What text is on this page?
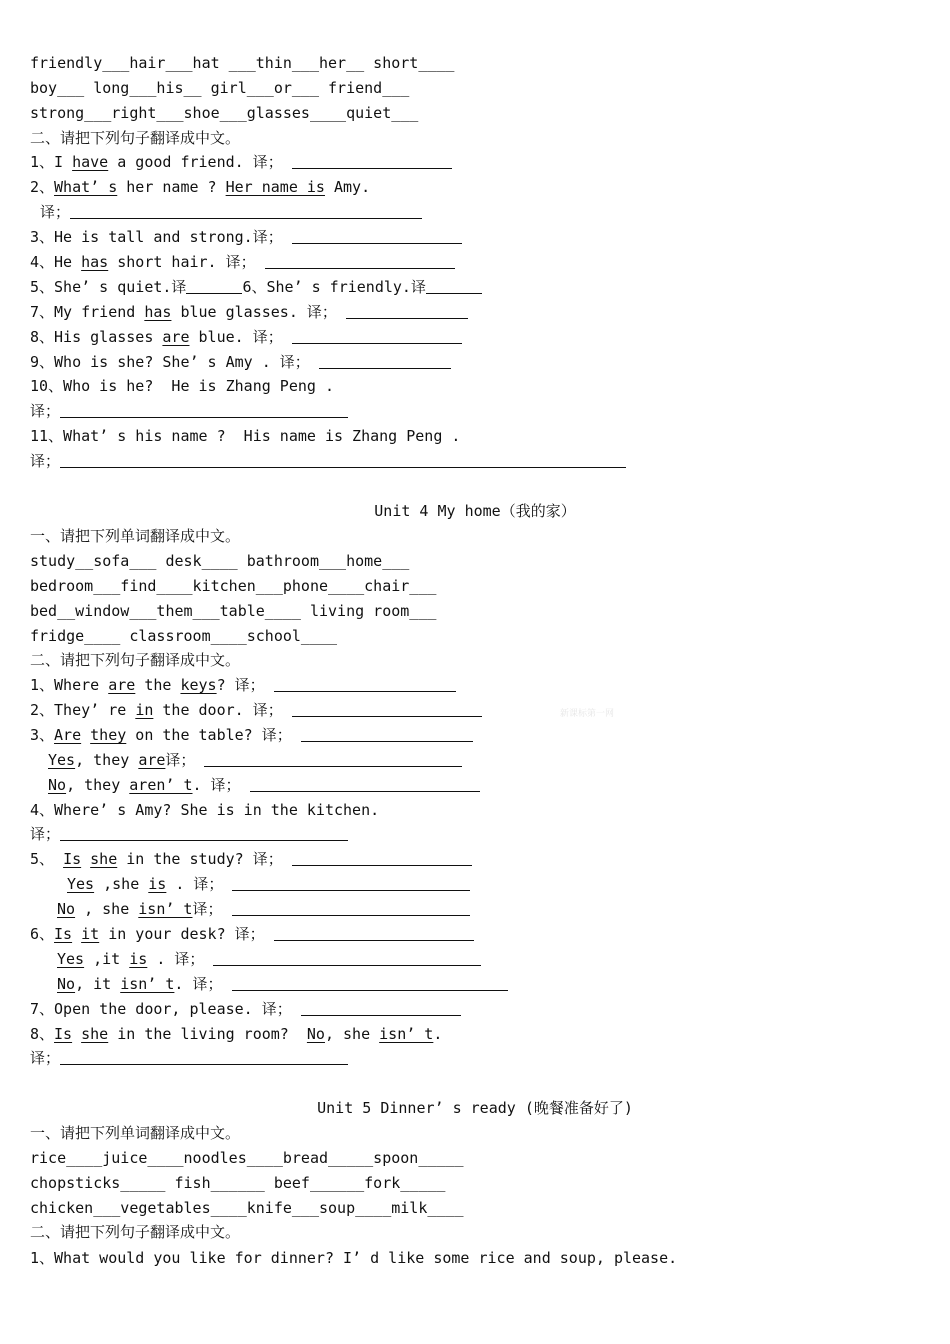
friendly___hair___hat ___thin___her__ short____
boy___ long___his__ girl___or___ friend___
strong___right___shoe___glasses____quiet___
二、请把下列句子翻译成中文。
1、I have a good friend. 译；
2、What’ s her name ? Her name is Amy.
译；
3、He is tall and strong.译；
4、He has short hair. 译；
5、She’ s quiet.译	6、She’ s friendly.译
7、My friend has blue glasses. 译；
8、His glasses are blue. 译；
9、Who is she? She’ s Amy . 译；
10、Who is he?  He is Zhang Peng .
译；
11、What’ s his name ?  His name is Zhang Peng .
译；
Unit 4 My home（我的家）
一、请把下列单词翻译成中文。
study__sofa___ desk____ bathroom___home___
bedroom___find____kitchen___phone____chair___
bed__window___them___table____ living room___
fridge____ classroom____school____
二、请把下列句子翻译成中文。
1、Where are the keys? 译；
2、They’ re in the door. 译；	新课标第一网
3、Are they on the table? 译；
Yes, they are译；
No, they aren’ t. 译；
4、Where’ s Amy? She is in the kitchen.
译；
5、 Is she in the study? 译；
Yes ,she is . 译；
No , she isn’ t译；
6、Is it in your desk? 译；
Yes ,it is . 译；
No, it isn’ t. 译；
7、Open the door, please. 译；
8、Is she in the living room?  No, she isn’ t.
译；
Unit 5 Dinner’ s ready (晚餐准备好了)
一、请把下列单词翻译成中文。
rice____juice____noodles____bread_____spoon_____
chopsticks_____ fish______ beef______fork_____
chicken___vegetables____knife___soup____milk____
二、请把下列句子翻译成中文。
1、What would you like for dinner? I’ d like some rice and soup, please.
